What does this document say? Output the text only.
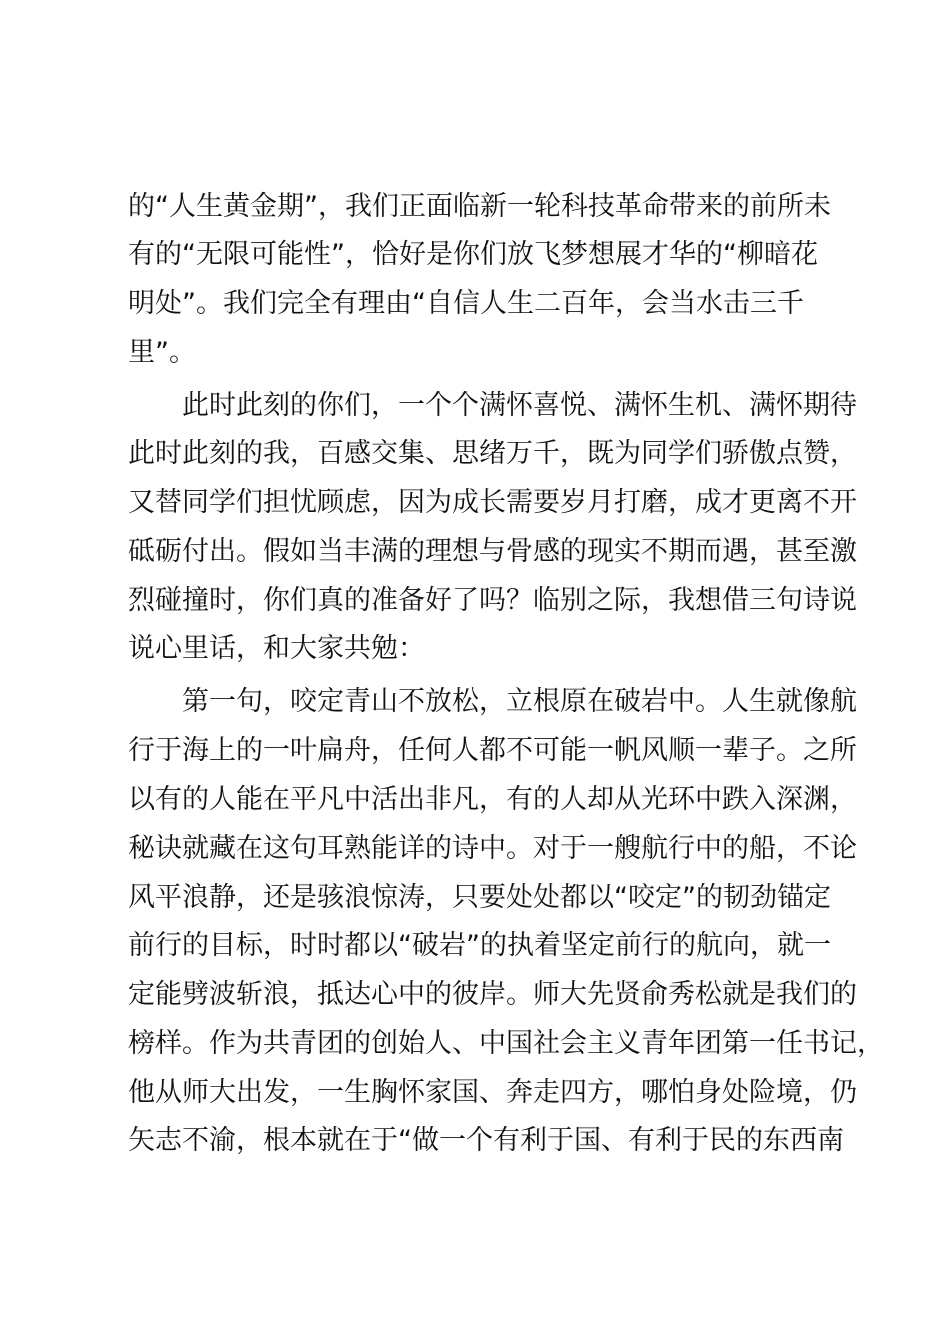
的“人生黄金期”，我们正面临新一轮科技革命带来的前所未

有的“无限可能性”，恰好是你们放飞梦想展才华的“柳暗花

明处”。我们完全有理由“自信人生二百年，会当水击三千

里”。

此时此刻的你们，一个个满怀喜悦、满怀生机、满怀期待

此时此刻的我，百感交集、思绪万千，既为同学们骄傲点赞，

又替同学们担忧顾虑，因为成长需要岁月打磨，成才更离不开

砥砺付出。假如当丰满的理想与骨感的现实不期而遇，甚至激

烈碰撞时，你们真的准备好了吗？临别之际，我想借三句诗说

说心里话，和大家共勉：

第一句，咬定青山不放松，立根原在破岩中。人生就像航

行于海上的一叶扁舟，任何人都不可能一帆风顺一辈子。之所

以有的人能在平凡中活出非凡，有的人却从光环中跌入深渊，

秘诀就藏在这句耳熟能详的诗中。对于一艘航行中的船，不论

风平浪静，还是骇浪惊涛，只要处处都以“咬定”的韧劲锚定

前行的目标，时时都以“破岩”的执着坚定前行的航向，就一

定能劈波斩浪，抵达心中的彼岸。师大先贤俞秀松就是我们的

榜样。作为共青团的创始人、中国社会主义青年团第一任书记，

他从师大出发，一生胸怀家国、奔走四方，哪怕身处险境，仍

矢志不渝，根本就在于“做一个有利于国、有利于民的东西南
